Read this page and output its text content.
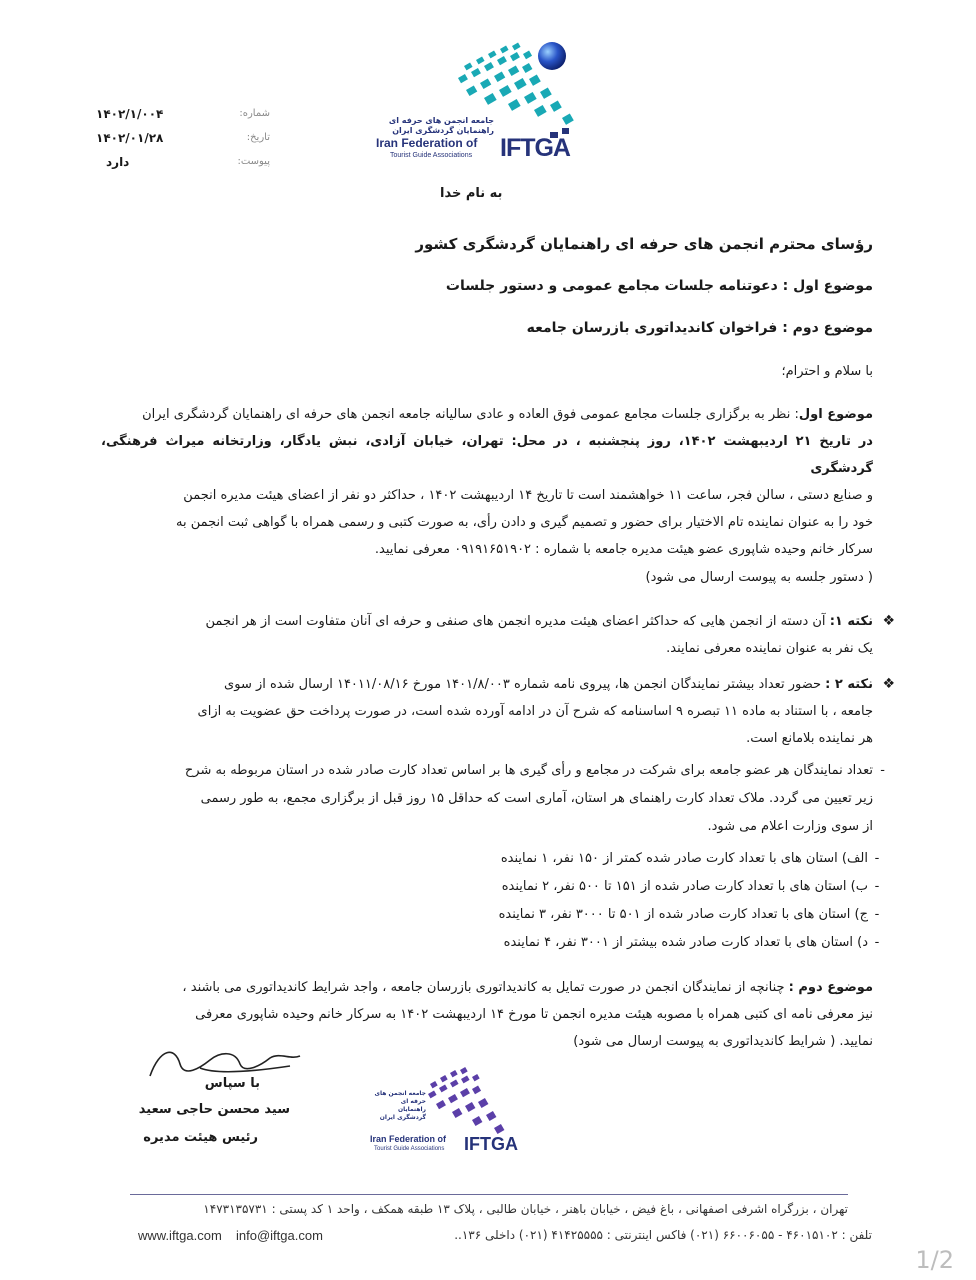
جامعه انجمن های حرفه ای
راهنمایان گردشگری ایران
Iran Federation of
Tourist Guide Associations IFTGA
شماره:
۱۴۰۲/۱/۰۰۴
تاریخ:
۱۴۰۲/۰۱/۲۸
پیوست:
دارد
به نام خدا
رؤسای محترم انجمن های حرفه ای راهنمایان گردشگری کشور
موضوع اول : دعوتنامه جلسات مجامع عمومی و دستور جلسات
موضوع دوم : فراخوان کاندیداتوری بازرسان جامعه
با سلام و احترام؛

موضوع اول: نظر به برگزاری جلسات مجامع عمومی فوق العاده و عادی سالیانه جامعه انجمن های حرفه ای راهنمایان گردشگری ایران

در تاریخ ۲۱ اردیبهشت ۱۴۰۲، روز پنجشنبه ، در محل: تهران، خیابان آزادی، نبش یادگار، وزارتخانه میراث فرهنگی، گردشگری

و صنایع دستی ، سالن فجر، ساعت ۱۱ خواهشمند است تا تاریخ ۱۴ اردیبهشت ۱۴۰۲ ، حداکثر دو نفر از اعضای هیئت مدیره انجمن

خود را به عنوان نماینده تام الاختیار برای حضور و تصمیم گیری و دادن رأی، به صورت کتبی و رسمی همراه با گواهی ثبت انجمن به

سرکار خانم وحیده شاپوری عضو هیئت مدیره جامعه با شماره : ۰۹۱۹۱۶۵۱۹۰۲ معرفی نمایید.

( دستور جلسه به پیوست ارسال می شود)
❖
نکته ۱: آن دسته از انجمن هایی که حداکثر اعضای هیئت مدیره انجمن های صنفی و حرفه ای آنان متفاوت است از هر انجمن
یک نفر به عنوان نماینده معرفی نمایند.
❖
نکته ۲ : حضور تعداد بیشتر نمایندگان انجمن ها، پیروی نامه شماره ۱۴۰۱/۸/۰۰۳ مورخ ۱۴۰۱۱/۰۸/۱۶ ارسال شده از سوی
جامعه ، با استناد به ماده ۱۱ تبصره ۹ اساسنامه که شرح آن در ادامه آورده شده است، در صورت پرداخت حق عضویت به ازای
هر نماینده بلامانع است.
-
تعداد نمایندگان هر عضو جامعه برای شرکت در مجامع و رأی گیری ها بر اساس تعداد کارت صادر شده در استان مربوطه به شرح
زیر تعیین می گردد. ملاک تعداد کارت راهنمای هر استان، آماری است که حداقل ۱۵ روز قبل از برگزاری مجمع، به طور رسمی
از سوی وزارت اعلام می شود.
-الف) استان های با تعداد کارت صادر شده کمتر از ۱۵۰ نفر، ۱ نماینده
-ب) استان های با تعداد کارت صادر شده از ۱۵۱ تا ۵۰۰ نفر، ۲ نماینده
-ج) استان های با تعداد کارت صادر شده از ۵۰۱ تا ۳۰۰۰ نفر، ۳ نماینده
-د) استان های با تعداد کارت صادر شده بیشتر از ۳۰۰۱ نفر، ۴ نماینده

موضوع دوم : چنانچه از نمایندگان انجمن در صورت تمایل به کاندیداتوری بازرسان جامعه ، واجد شرایط کاندیداتوری می باشند ،

نیز معرفی نامه ای کتبی همراه با مصوبه هیئت مدیره انجمن تا مورخ ۱۴ اردیبهشت ۱۴۰۲ به سرکار خانم وحیده شاپوری معرفی

نمایید. ( شرایط کاندیداتوری به پیوست ارسال می شود)

با سپاس
سید محسن حاجی سعید
رئیس هیئت مدیره
جامعه انجمن های حرفه ای
راهنمایان گردشگری ایران
Iran Federation of
Tourist Guide Associations IFTGA
تهران ، بزرگراه اشرفی اصفهانی ، باغ فیض ، خیابان باهنر ، خیابان طالبی ، پلاک ۱۳ طبقه همکف ، واحد ۱ کد پستی : ۱۴۷۳۱۳۵۷۳۱
www.iftga.com info@iftga.com	تلفن : ۴۶۰۱۵۱۰۲ - ۶۶۰۰۶۰۵۵ (۰۲۱) فاکس اینترنتی : ۴۱۴۲۵۵۵۵ (۰۲۱) داخلی ۱۳۶..
1/2
